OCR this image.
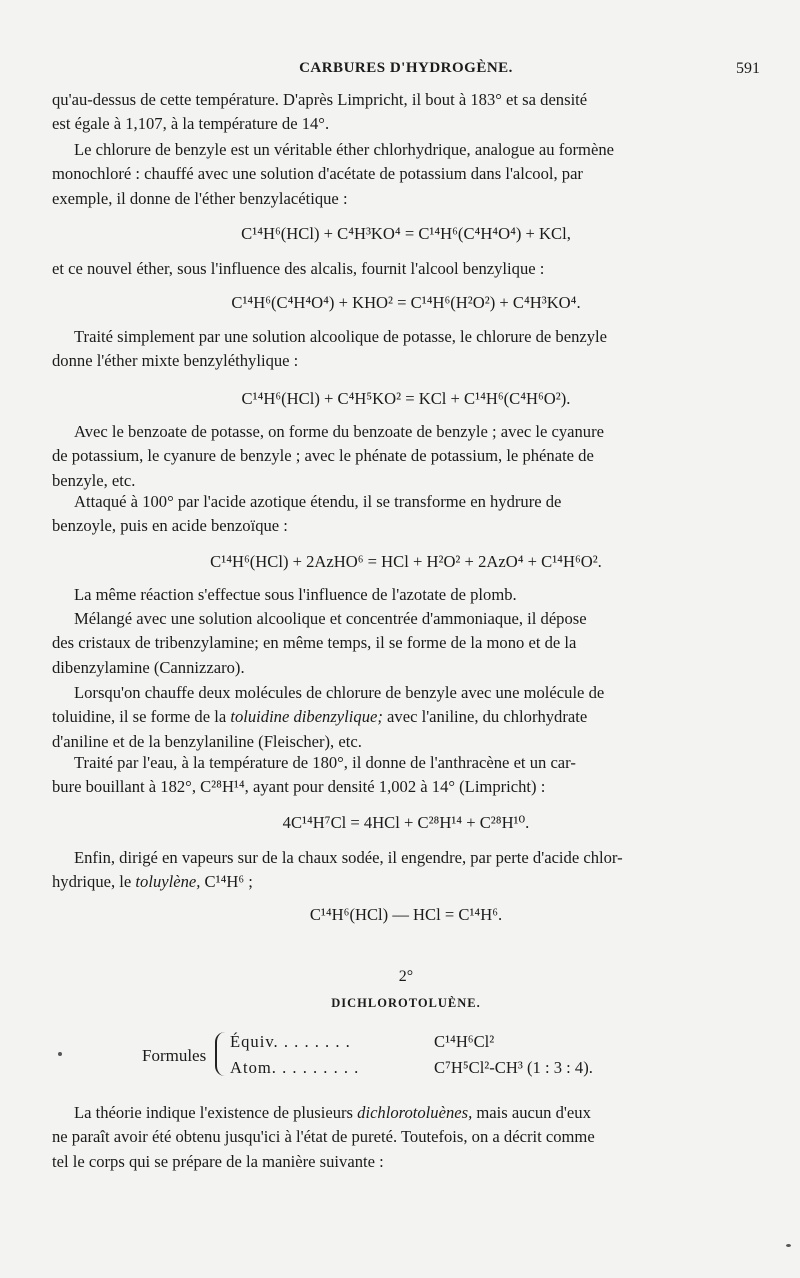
CARBURES D'HYDROGÈNE.	591

qu'au-dessus de cette température. D'après Limpricht, il bout à 183° et sa densité

est égale à 1,107, à la température de 14°.

Le chlorure de benzyle est un véritable éther chlorhydrique, analogue au formène

monochloré : chauffé avec une solution d'acétate de potassium dans l'alcool, par

exemple, il donne de l'éther benzylacétique :

C¹⁴H⁶(HCl) + C⁴H³KO⁴ = C¹⁴H⁶(C⁴H⁴O⁴) + KCl,

et ce nouvel éther, sous l'influence des alcalis, fournit l'alcool benzylique :

C¹⁴H⁶(C⁴H⁴O⁴) + KHO² = C¹⁴H⁶(H²O²) + C⁴H³KO⁴.

Traité simplement par une solution alcoolique de potasse, le chlorure de benzyle

donne l'éther mixte benzyléthylique :

C¹⁴H⁶(HCl) + C⁴H⁵KO² = KCl + C¹⁴H⁶(C⁴H⁶O²).

Avec le benzoate de potasse, on forme du benzoate de benzyle ; avec le cyanure

de potassium, le cyanure de benzyle ; avec le phénate de potassium, le phénate de

benzyle, etc.

Attaqué à 100° par l'acide azotique étendu, il se transforme en hydrure de

benzoyle, puis en acide benzoïque :

C¹⁴H⁶(HCl) + 2AzHO⁶ = HCl + H²O² + 2AzO⁴ + C¹⁴H⁶O².

La même réaction s'effectue sous l'influence de l'azotate de plomb.

Mélangé avec une solution alcoolique et concentrée d'ammoniaque, il dépose

des cristaux de tribenzylamine; en même temps, il se forme de la mono et de la

dibenzylamine (Cannizzaro).

Lorsqu'on chauffe deux molécules de chlorure de benzyle avec une molécule de

toluidine, il se forme de la toluidine dibenzylique; avec l'aniline, du chlorhydrate

d'aniline et de la benzylaniline (Fleischer), etc.

Traité par l'eau, à la température de 180°, il donne de l'anthracène et un car-

bure bouillant à 182°, C²⁸H¹⁴, ayant pour densité 1,002 à 14° (Limpricht) :

4C¹⁴H⁷Cl = 4HCl + C²⁸H¹⁴ + C²⁸H¹⁰.

Enfin, dirigé en vapeurs sur de la chaux sodée, il engendre, par perte d'acide chlor-

hydrique, le toluylène, C¹⁴H⁶ ;

C¹⁴H⁶(HCl) — HCl = C¹⁴H⁶.
2°
DICHLOROTOLUÈNE.
Formules
Équiv. . . . . . . .	C¹⁴H⁶Cl²
Atom. . . . . . . . .	C⁷H⁵Cl²-CH³ (1 : 3 : 4).

La théorie indique l'existence de plusieurs dichlorotoluènes, mais aucun d'eux

ne paraît avoir été obtenu jusqu'ici à l'état de pureté. Toutefois, on a décrit comme

tel le corps qui se prépare de la manière suivante :
